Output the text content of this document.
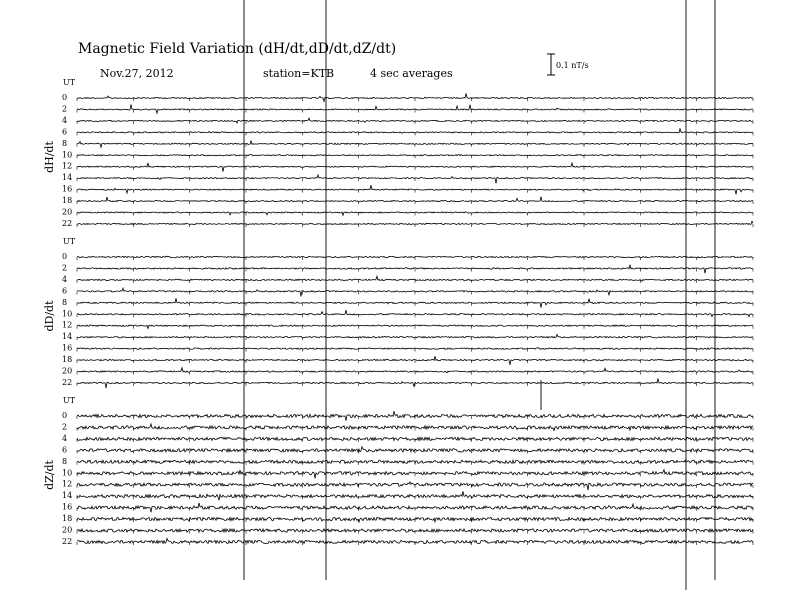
Magnetic Field Variation (dH/dt,dD/dt,dZ/dt)
Nov.27, 2012	station=KTB	4 sec averages
0.1 nT/s
UT
dH/dt
0
2
4
6
8
10
12
14
16
18
20
22
UT
dD/dt
0
2
4
6
8
10
12
14
16
18
20
22
UT
dZ/dt
0
2
4
6
8
10
12
14
16
18
20
22
